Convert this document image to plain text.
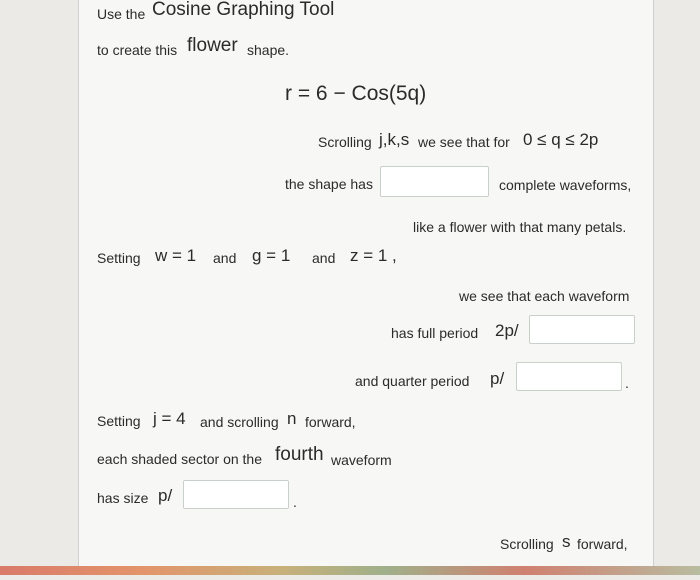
Use the Cosine Graphing Tool
to create this flower shape.
r = 6 − Cos(5q)
Scrolling j,k,s we see that for 0 ≤ q ≤ 2p
the shape has	complete waveforms,
like a flower with that many petals.
Setting w = 1 and g = 1 and z = 1 ,
we see that each waveform
has full period 2p/
and quarter period p/	.
Setting j = 4 and scrolling n forward,
each shaded sector on the fourth waveform
has size p/	.
Scrolling s forward,
